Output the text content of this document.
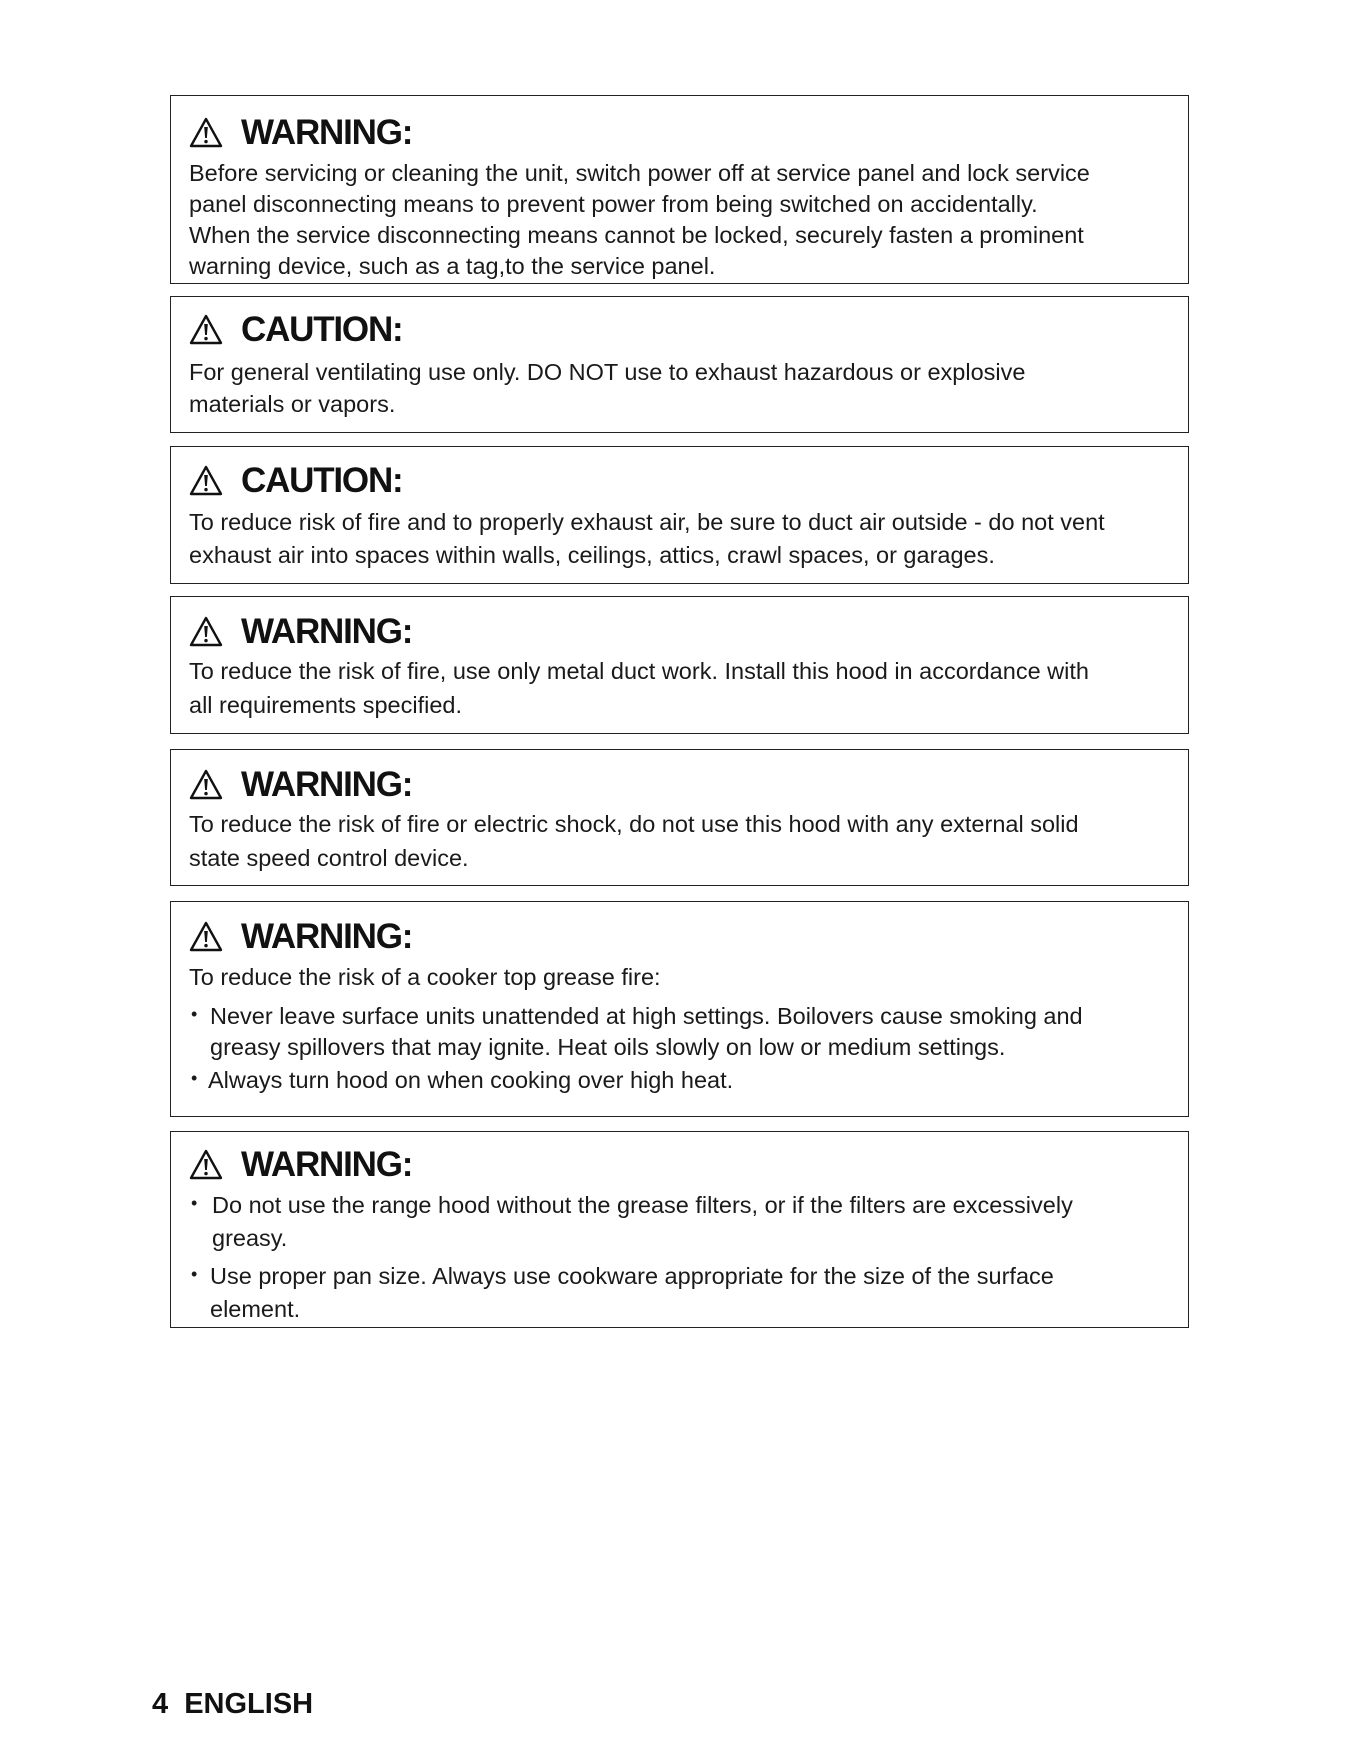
WARNING:

Before servicing or cleaning the unit, switch power off at service panel and lock service

panel disconnecting means to prevent power from being switched on accidentally.

When the service disconnecting means cannot be locked, securely fasten a prominent

warning device, such as a tag,to the service panel.

CAUTION:

For general ventilating use only. DO NOT use to exhaust hazardous or explosive

materials or vapors.

CAUTION:

To reduce risk of fire and to properly exhaust air, be sure to duct air outside - do not vent

exhaust air into spaces within walls, ceilings, attics, crawl spaces, or garages.

WARNING:

To reduce the risk of fire, use only metal duct work. Install this hood in accordance with

all requirements specified.

WARNING:

To reduce the risk of fire or electric shock, do not use this hood with any external solid

state speed control device.

WARNING:

To reduce the risk of a cooker top grease fire:

• Never leave surface units unattended at high settings. Boilovers cause smoking and

greasy spillovers that may ignite. Heat oils slowly on low or medium settings.

• Always turn hood on when cooking over high heat.

WARNING:
• Do not use the range hood without the grease filters, or if the filters are excessively

greasy.

• Use proper pan size. Always use cookware appropriate for the size of the surface

element.

4 ENGLISH
